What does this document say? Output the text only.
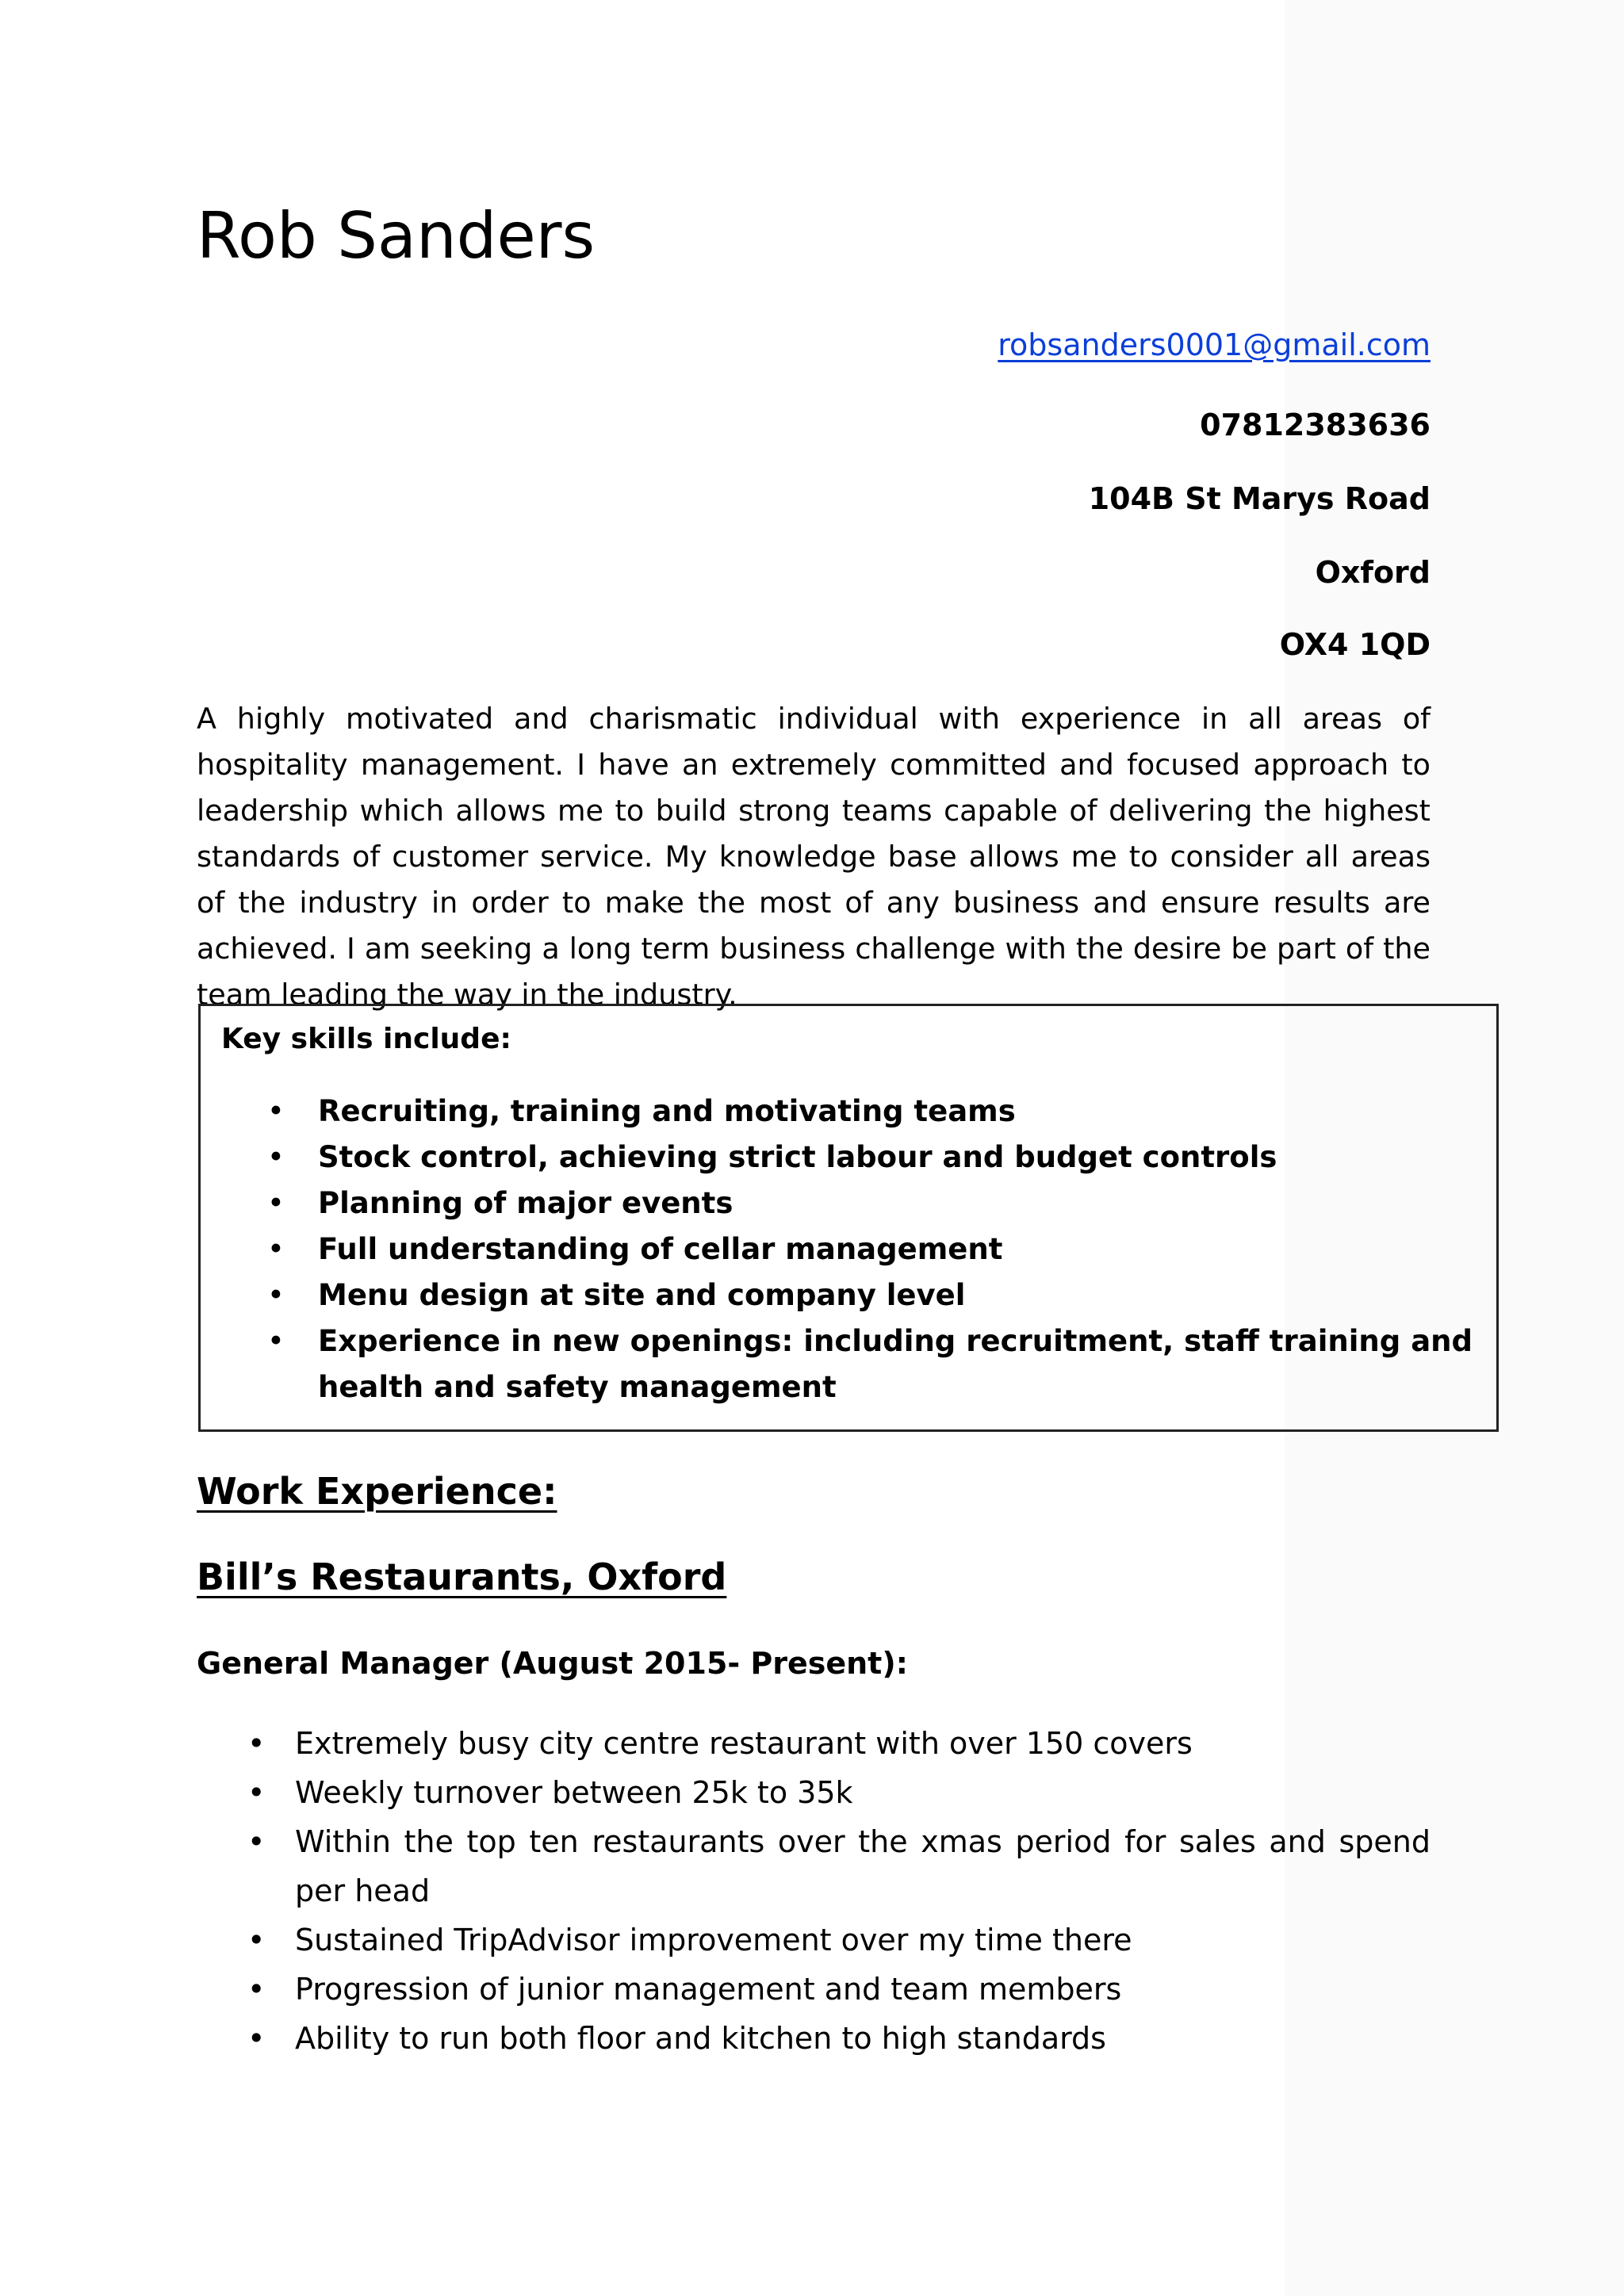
Rob Sanders
robsanders0001@gmail.com
07812383636
104B St Marys Road
Oxford
OX4 1QD

A highly motivated and charismatic individual with experience in all areas of hospitality management. I have an extremely committed and focused approach to leadership which allows me to build strong teams capable of delivering the highest standards of customer service. My knowledge base allows me to consider all areas of the industry in order to make the most of any business and ensure results are achieved. I am seeking a long term business challenge with the desire be part of the team leading the way in the industry.

Key skills include:
• Recruiting, training and motivating teams
• Stock control, achieving strict labour and budget controls
• Planning of major events
• Full understanding of cellar management
• Menu design at site and company level
• Experience in new openings: including recruitment, staff training and health and safety management
Work Experience:
Bill’s Restaurants, Oxford
General Manager (August 2015- Present):
• Extremely busy city centre restaurant with over 150 covers
• Weekly turnover between 25k to 35k
• Within the top ten restaurants over the xmas period for sales and spend per head
• Sustained TripAdvisor improvement over my time there
• Progression of junior management and team members
• Ability to run both floor and kitchen to high standards
